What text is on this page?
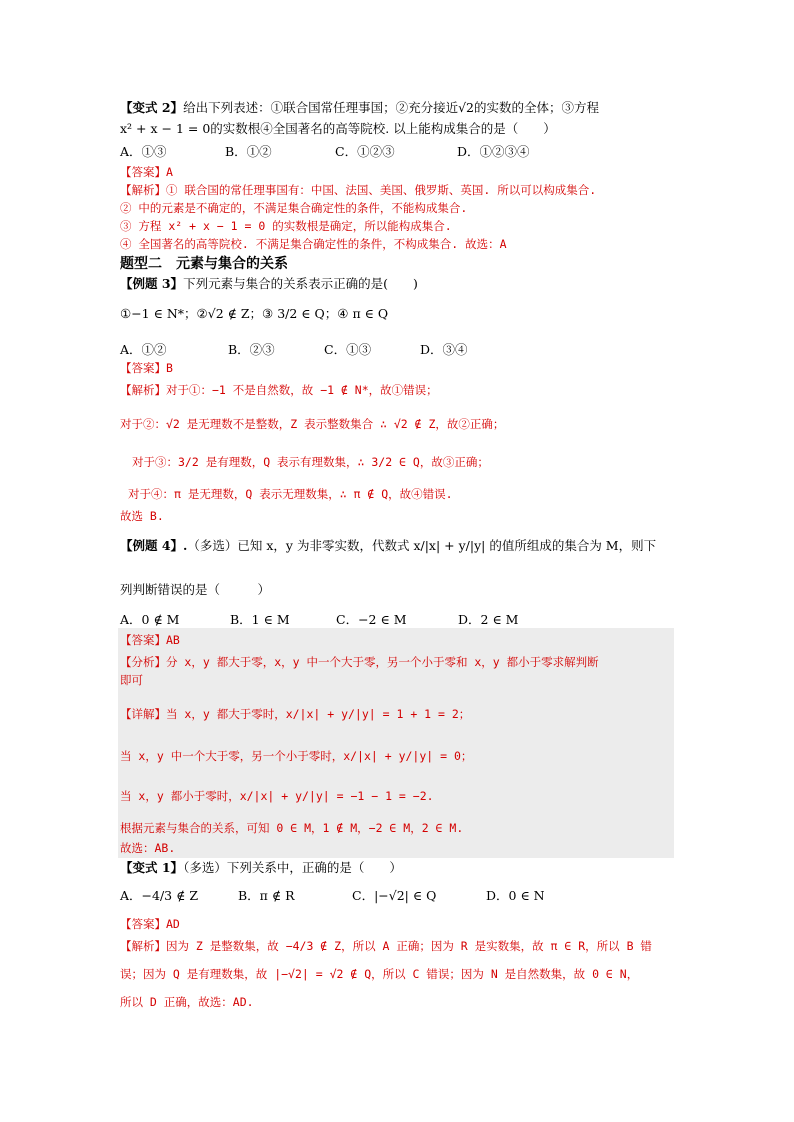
【变式 2】给出下列表述：①联合国常任理事国；②充分接近√2的实数的全体；③方程
x² + x − 1 = 0的实数根④全国著名的高等院校. 以上能构成集合的是（　　）
A．①③	B．①②	C．①②③	D．①②③④
【答案】A
【解析】① 联合国的常任理事国有：中国、法国、美国、俄罗斯、英国. 所以可以构成集合.
② 中的元素是不确定的，不满足集合确定性的条件，不能构成集合.
③ 方程 x² + x − 1 = 0 的实数根是确定，所以能构成集合.
④ 全国著名的高等院校. 不满足集合确定性的条件，不构成集合. 故选：A
题型二　元素与集合的关系
【例题 3】下列元素与集合的关系表示正确的是(　　)
①−1 ∈ N*；②√2 ∉ Z；③ 3/2 ∈ Q；④ π ∈ Q
A．①②	B．②③	C．①③	D．③④
【答案】B
【解析】对于①：−1 不是自然数，故 −1 ∉ N*，故①错误；
对于②：√2 是无理数不是整数，Z 表示整数集合 ∴ √2 ∉ Z，故②正确；
对于③：3/2 是有理数，Q 表示有理数集，∴ 3/2 ∈ Q，故③正确；
对于④：π 是无理数，Q 表示无理数集，∴ π ∉ Q，故④错误.
故选 B.
【例题 4】.（多选）已知 x，y 为非零实数，代数式 x/|x| + y/|y| 的值所组成的集合为 M，则下
列判断错误的是（　　　）
A．0 ∉ M	B．1 ∈ M	C．−2 ∈ M	D．2 ∈ M
【答案】AB
【分析】分 x，y 都大于零，x，y 中一个大于零，另一个小于零和 x，y 都小于零求解判断
即可
【详解】当 x，y 都大于零时，x/|x| + y/|y| = 1 + 1 = 2；
当 x，y 中一个大于零，另一个小于零时，x/|x| + y/|y| = 0；
当 x，y 都小于零时，x/|x| + y/|y| = −1 − 1 = −2.
根据元素与集合的关系，可知 0 ∈ M，1 ∉ M，−2 ∈ M，2 ∈ M.
故选：AB.
【变式 1】（多选）下列关系中，正确的是（　　）
A．−4/3 ∉ Z	B．π ∉ R	C．|−√2| ∈ Q	D．0 ∈ N
【答案】AD
【解析】因为 Z 是整数集，故 −4/3 ∉ Z，所以 A 正确；因为 R 是实数集，故 π ∈ R，所以 B 错
误；因为 Q 是有理数集，故 |−√2| = √2 ∉ Q，所以 C 错误；因为 N 是自然数集，故 0 ∈ N，
所以 D 正确，故选：AD.
